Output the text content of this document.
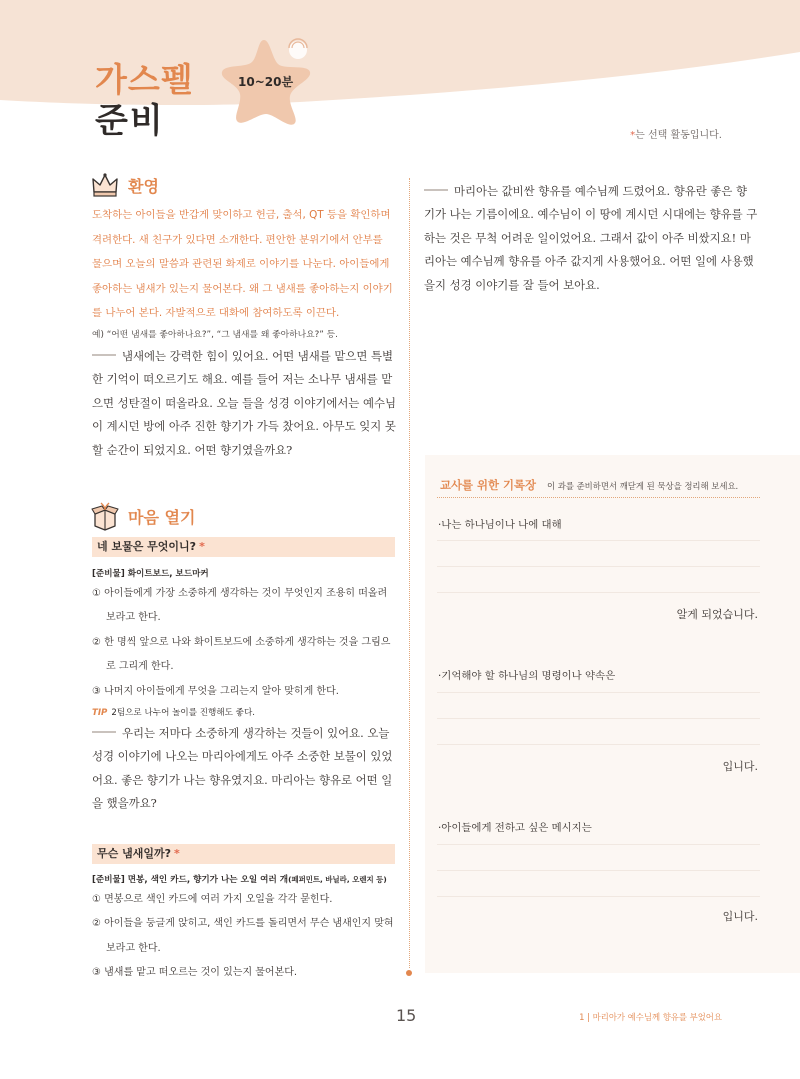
가스펠
준비
10~20분
*는 선택 활동입니다.
환영
도착하는 아이들을 반갑게 맞이하고 헌금, 출석, QT 등을 확인하며 격려한다. 새 친구가 있다면 소개한다. 편안한 분위기에서 안부를 물으며 오늘의 말씀과 관련된 화제로 이야기를 나눈다. 아이들에게 좋아하는 냄새가 있는지 물어본다. 왜 그 냄새를 좋아하는지 이야기를 나누어 본다. 자발적으로 대화에 참여하도록 이끈다.
예) “어떤 냄새를 좋아하나요?”, “그 냄새를 왜 좋아하나요?” 등.
냄새에는 강력한 힘이 있어요. 어떤 냄새를 맡으면 특별한 기억이 떠오르기도 해요. 예를 들어 저는 소나무 냄새를 맡으면 성탄절이 떠올라요. 오늘 들을 성경 이야기에서는 예수님이 계시던 방에 아주 진한 향기가 가득 찼어요. 아무도 잊지 못할 순간이 되었지요. 어떤 향기였을까요?
마리아는 값비싼 향유를 예수님께 드렸어요. 향유란 좋은 향기가 나는 기름이에요. 예수님이 이 땅에 계시던 시대에는 향유를 구하는 것은 무척 어려운 일이었어요. 그래서 값이 아주 비쌌지요! 마리아는 예수님께 향유를 아주 값지게 사용했어요. 어떤 일에 사용했을지 성경 이야기를 잘 들어 보아요.
마음 열기
네 보물은 무엇이니? *
[준비물] 화이트보드, 보드마커
① 아이들에게 가장 소중하게 생각하는 것이 무엇인지 조용히 떠올려 보라고 한다.
② 한 명씩 앞으로 나와 화이트보드에 소중하게 생각하는 것을 그림으로 그리게 한다.
③ 나머지 아이들에게 무엇을 그리는지 알아 맞히게 한다.
TIP 2팀으로 나누어 놀이를 진행해도 좋다.
우리는 저마다 소중하게 생각하는 것들이 있어요. 오늘 성경 이야기에 나오는 마리아에게도 아주 소중한 보물이 있었어요. 좋은 향기가 나는 향유였지요. 마리아는 향유로 어떤 일을 했을까요?
무슨 냄새일까? *
[준비물] 면봉, 색인 카드, 향기가 나는 오일 여러 개(페퍼민트, 바닐라, 오렌지 등)
① 면봉으로 색인 카드에 여러 가지 오일을 각각 묻힌다.
② 아이들을 둥글게 앉히고, 색인 카드를 돌리면서 무슨 냄새인지 맞혀 보라고 한다.
③ 냄새를 맡고 떠오르는 것이 있는지 물어본다.
교사를 위한 기록장 이 과를 준비하면서 깨닫게 된 묵상을 정리해 보세요.
·나는 하나님이나 나에 대해
알게 되었습니다.
·기억해야 할 하나님의 명령이나 약속은
입니다.
·아이들에게 전하고 싶은 메시지는
입니다.
15	1 | 마리아가 예수님께 향유를 부었어요
